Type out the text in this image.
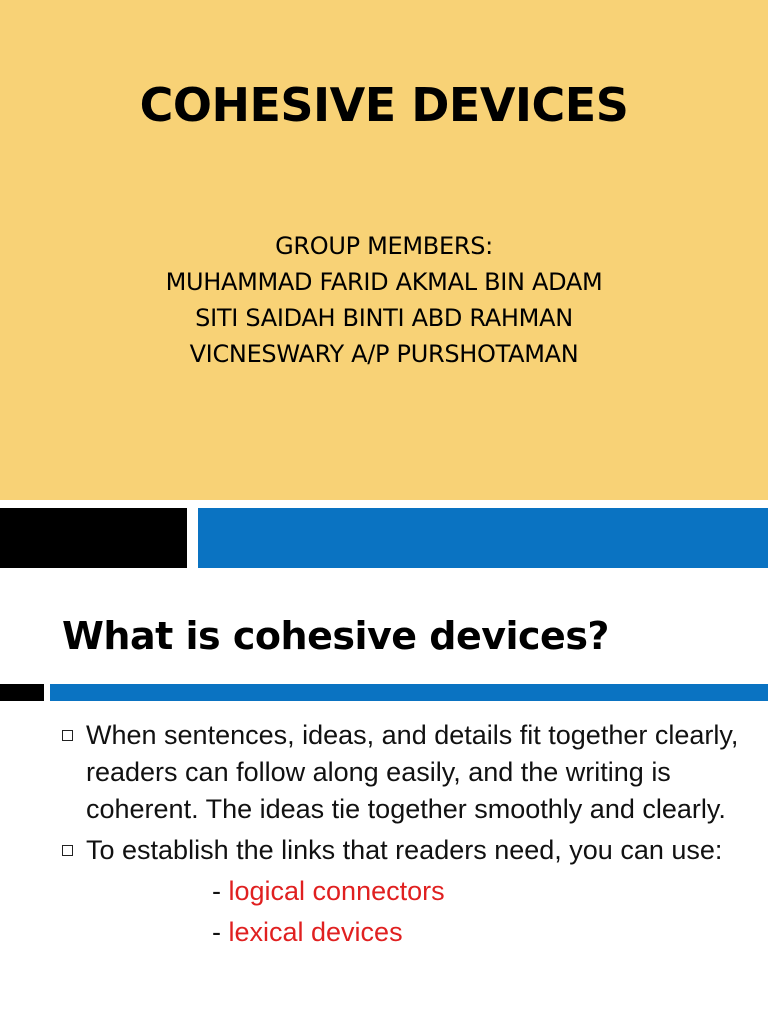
COHESIVE DEVICES
GROUP MEMBERS:
MUHAMMAD FARID AKMAL BIN ADAM
SITI SAIDAH BINTI ABD RAHMAN
VICNESWARY A/P PURSHOTAMAN
What is cohesive devices?
When sentences, ideas, and details fit together clearly, readers can follow along easily, and the writing is coherent. The ideas tie together smoothly and clearly.
To establish the links that readers need, you can use:
- logical connectors
- lexical devices
